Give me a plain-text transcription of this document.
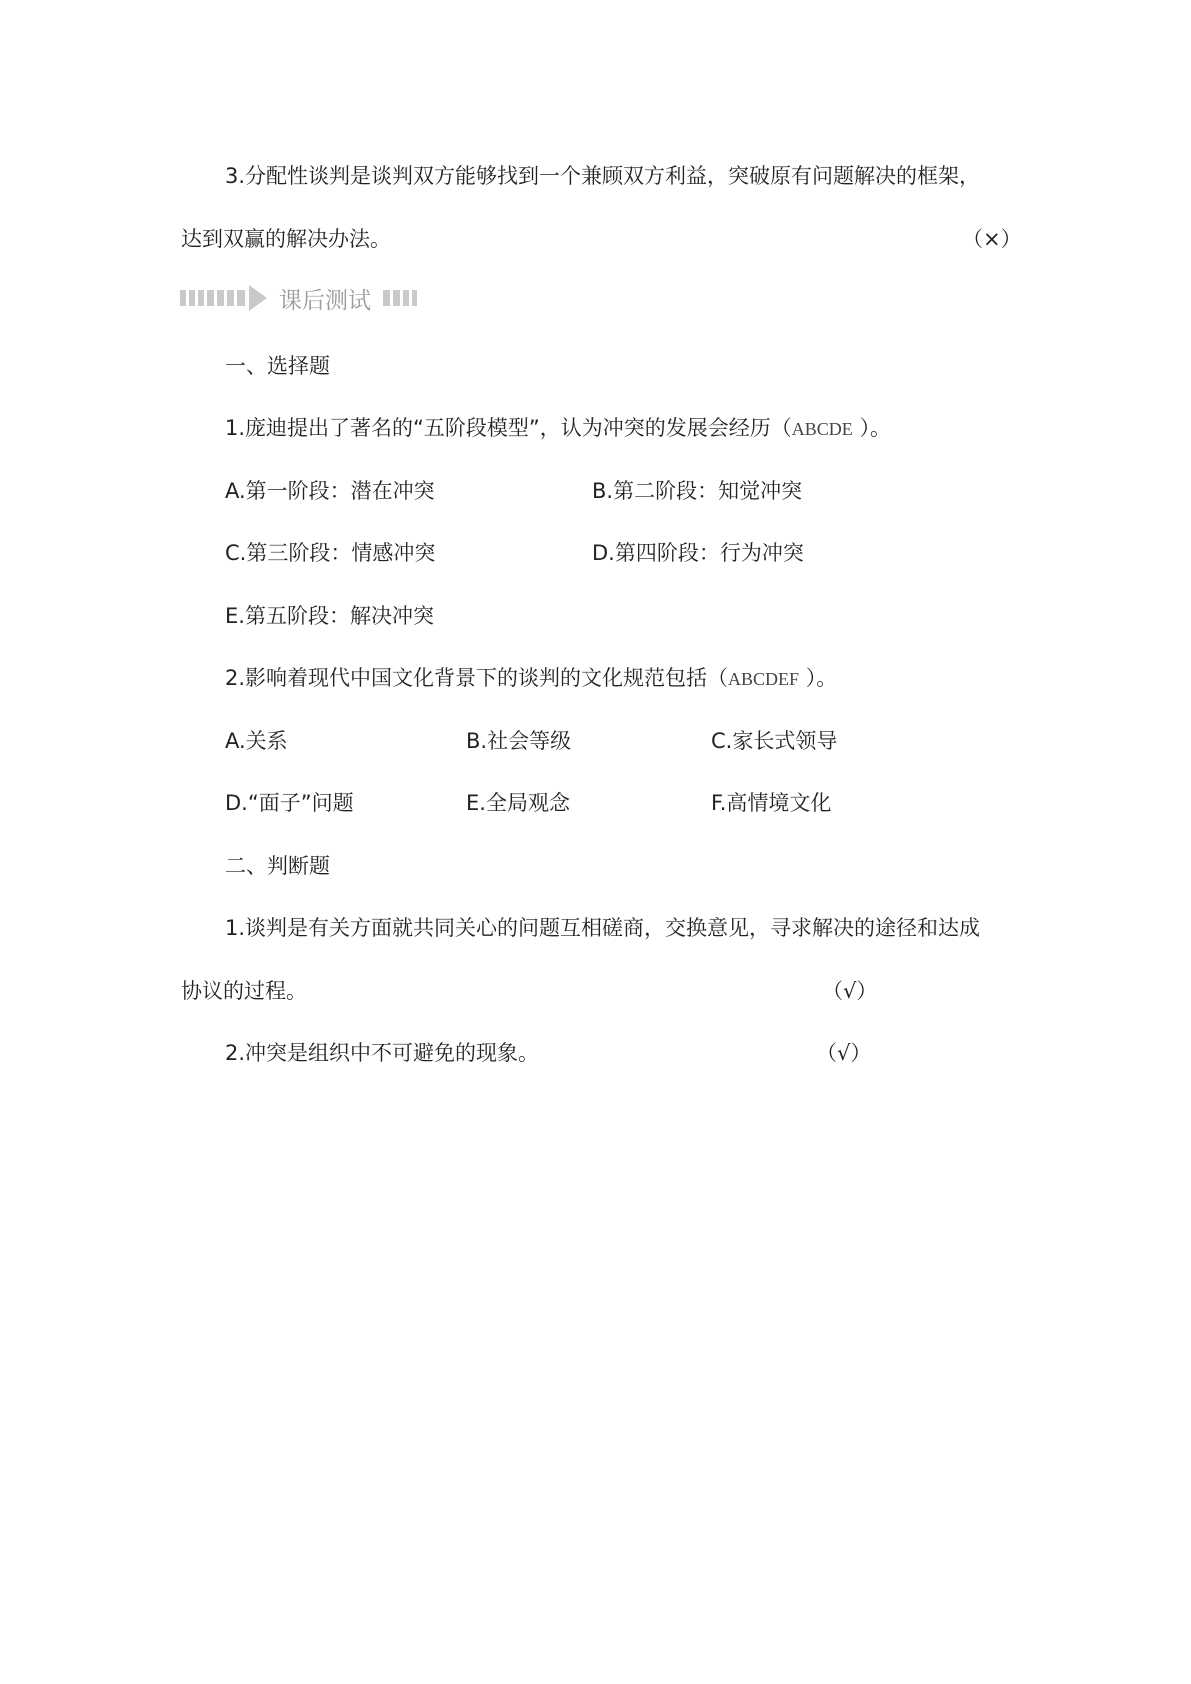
3.分配性谈判是谈判双方能够找到一个兼顾双方利益，突破原有问题解决的框架，
达到双赢的解决办法。	（×）
课后测试
一、选择题
1.庞迪提出了著名的“五阶段模型”，认为冲突的发展会经历（ABCDE ）。
A.第一阶段：潜在冲突	B.第二阶段：知觉冲突
C.第三阶段：情感冲突	D.第四阶段：行为冲突
E.第五阶段：解决冲突
2.影响着现代中国文化背景下的谈判的文化规范包括（ABCDEF ）。
A.关系	B.社会等级	C.家长式领导
D.“面子”问题	E.全局观念	F.高情境文化
二、判断题
1.谈判是有关方面就共同关心的问题互相磋商，交换意见，寻求解决的途径和达成
协议的过程。	（√）
2.冲突是组织中不可避免的现象。	（√）
